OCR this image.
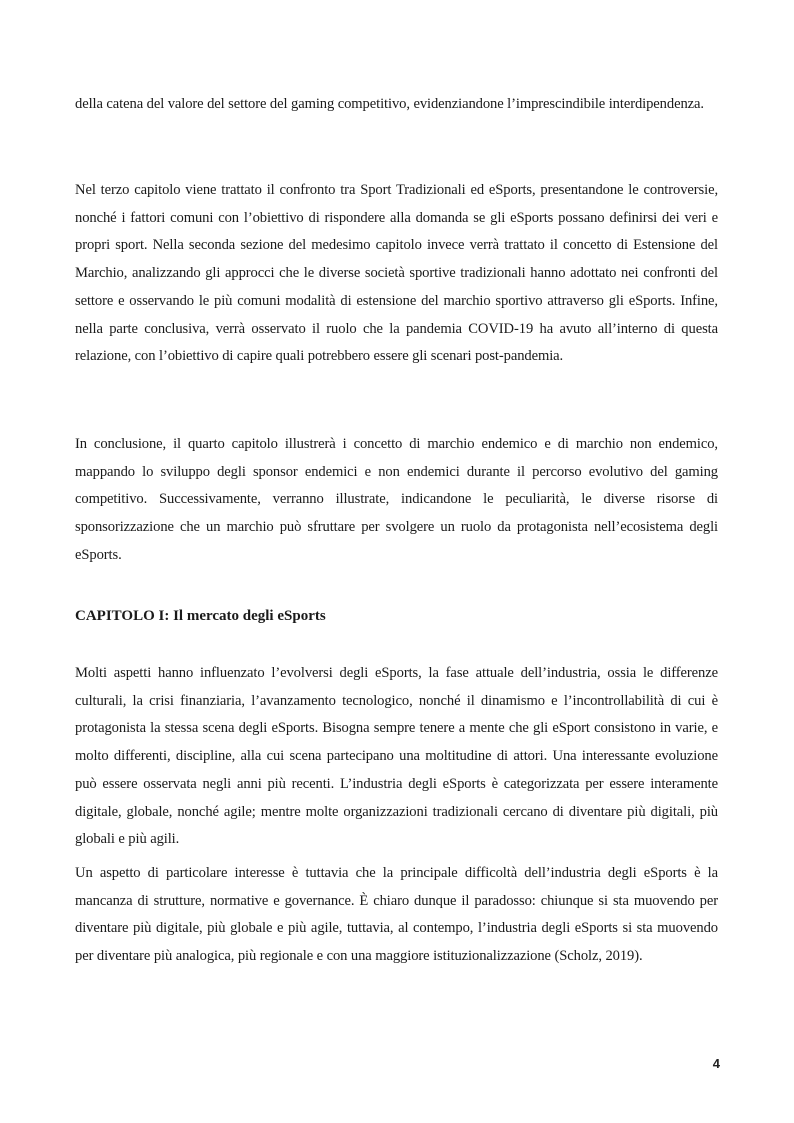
della catena del valore del settore del gaming competitivo, evidenziandone l’imprescindibile interdipendenza.

Nel terzo capitolo viene trattato il confronto tra Sport Tradizionali ed eSports, presentandone le controversie, nonché i fattori comuni con l’obiettivo di rispondere alla domanda se gli eSports possano definirsi dei veri e propri sport. Nella seconda sezione del medesimo capitolo invece verrà trattato il concetto di Estensione del Marchio, analizzando gli approcci che le diverse società sportive tradizionali hanno adottato nei confronti del settore e osservando le più comuni modalità di estensione del marchio sportivo attraverso gli eSports. Infine, nella parte conclusiva, verrà osservato il ruolo che la pandemia COVID-19 ha avuto all’interno di questa relazione, con l’obiettivo di capire quali potrebbero essere gli scenari post-pandemia.

In conclusione, il quarto capitolo illustrerà i concetto di marchio endemico e di marchio non endemico, mappando lo sviluppo degli sponsor endemici e non endemici durante il percorso evolutivo del gaming competitivo. Successivamente, verranno illustrate, indicandone le peculiarità, le diverse risorse di sponsorizzazione che un marchio può sfruttare per svolgere un ruolo da protagonista nell’ecosistema degli eSports.

CAPITOLO I: Il mercato degli eSports

Molti aspetti hanno influenzato l’evolversi degli eSports, la fase attuale dell’industria, ossia le differenze culturali, la crisi finanziaria, l’avanzamento tecnologico, nonché il dinamismo e l’incontrollabilità di cui è protagonista la stessa scena degli eSports. Bisogna sempre tenere a mente che gli eSport consistono in varie, e molto differenti, discipline, alla cui scena partecipano una moltitudine di attori. Una interessante evoluzione può essere osservata negli anni più recenti. L’industria degli eSports è categorizzata per essere interamente digitale, globale, nonché agile; mentre molte organizzazioni tradizionali cercano di diventare più digitali, più globali e più agili.

Un aspetto di particolare interesse è tuttavia che la principale difficoltà dell’industria degli eSports è la mancanza di strutture, normative e governance. È chiaro dunque il paradosso: chiunque si sta muovendo per diventare più digitale, più globale e più agile, tuttavia, al contempo, l’industria degli eSports si sta muovendo per diventare più analogica, più regionale e con una maggiore istituzionalizzazione (Scholz, 2019).

4
